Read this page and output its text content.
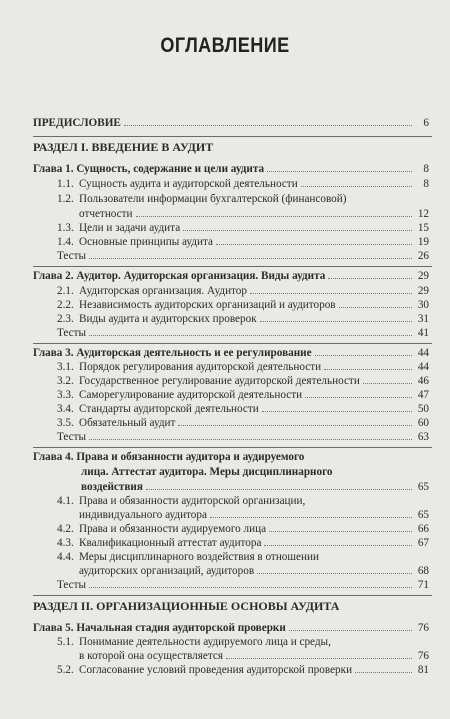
ОГЛАВЛЕНИЕ
ПРЕДИСЛОВИЕ	6
РАЗДЕЛ I. ВВЕДЕНИЕ В АУДИТ
Глава 1. Сущность, содержание и цели аудита	8
1.1. Сущность аудита и аудиторской деятельности	8
1.2. Пользователи информации бухгалтерской (финансовой)
отчетности	12
1.3. Цели и задачи аудита	15
1.4. Основные принципы аудита	19
Тесты	26
Глава 2. Аудитор. Аудиторская организация. Виды аудита	29
2.1. Аудиторская организация. Аудитор	29
2.2. Независимость аудиторских организаций и аудиторов	30
2.3. Виды аудита и аудиторских проверок	31
Тесты	41
Глава 3. Аудиторская деятельность и ее регулирование	44
3.1. Порядок регулирования аудиторской деятельности	44
3.2. Государственное регулирование аудиторской деятельности	46
3.3. Саморегулирование аудиторской деятельности	47
3.4. Стандарты аудиторской деятельности	50
3.5. Обязательный аудит	60
Тесты	63
Глава 4. Права и обязанности аудитора и аудируемого
лица. Аттестат аудитора. Меры дисциплинарного
воздействия	65
4.1. Права и обязанности аудиторской организации,
индивидуального аудитора	65
4.2. Права и обязанности аудируемого лица	66
4.3. Квалификационный аттестат аудитора	67
4.4. Меры дисциплинарного воздействия в отношении
аудиторских организаций, аудиторов	68
Тесты	71
РАЗДЕЛ II. ОРГАНИЗАЦИОННЫЕ ОСНОВЫ АУДИТА
Глава 5. Начальная стадия аудиторской проверки	76
5.1. Понимание деятельности аудируемого лица и среды,
в которой она осуществляется	76
5.2. Согласование условий проведения аудиторской проверки	81
